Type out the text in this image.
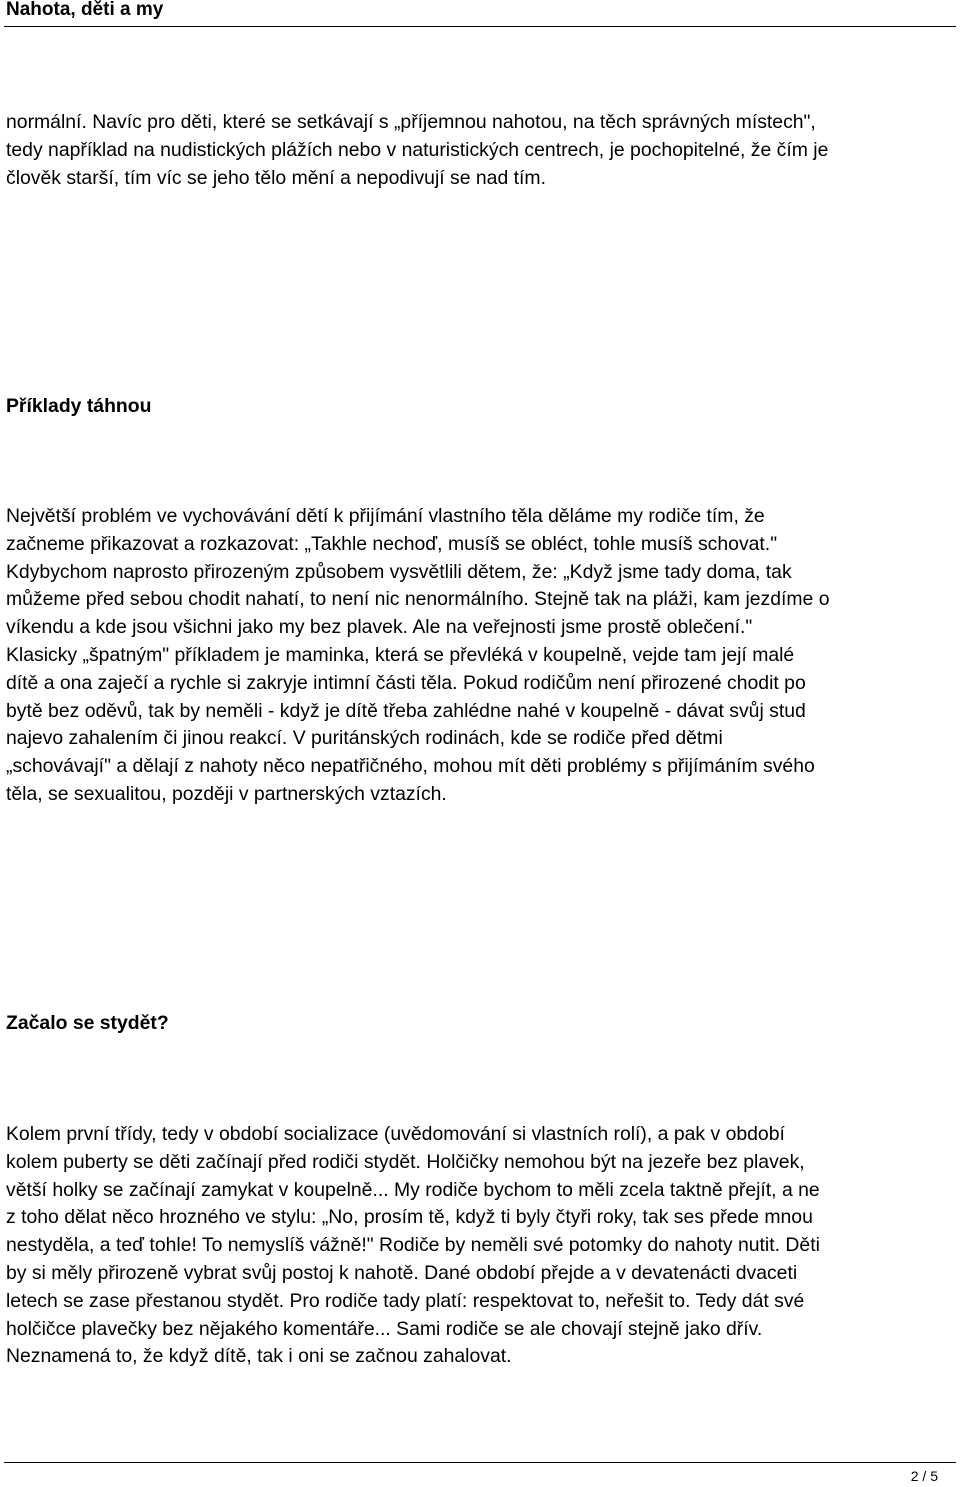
Nahota, děti a my
normální. Navíc pro děti, které se setkávají s „příjemnou nahotou, na těch správných místech",
tedy například na nudistických plážích nebo v naturistických centrech, je pochopitelné, že čím je
člověk starší, tím víc se jeho tělo mění a nepodivují se nad tím.
Příklady táhnou
Největší problém ve vychovávání dětí k přijímání vlastního těla děláme my rodiče tím, že
začneme přikazovat a rozkazovat: „Takhle nechoď, musíš se obléct, tohle musíš schovat."
Kdybychom naprosto přirozeným způsobem vysvětlili dětem, že: „Když jsme tady doma, tak
můžeme před sebou chodit nahatí, to není nic nenormálního. Stejně tak na pláži, kam jezdíme o
víkendu a kde jsou všichni jako my bez plavek. Ale na veřejnosti jsme prostě oblečení."
Klasicky „špatným" příkladem je maminka, která se převléká v koupelně, vejde tam její malé
dítě a ona zaječí a rychle si zakryje intimní části těla. Pokud rodičům není přirozené chodit po
bytě bez oděvů, tak by neměli - když je dítě třeba zahlédne nahé v koupelně - dávat svůj stud
najevo zahalením či jinou reakcí. V puritánských rodinách, kde se rodiče před dětmi
„schovávají" a dělají z nahoty něco nepatřičného, mohou mít děti problémy s přijímáním svého
těla, se sexualitou, později v partnerských vztazích.
Začalo se stydět?
Kolem první třídy, tedy v období socializace (uvědomování si vlastních rolí), a pak v období
kolem puberty se děti začínají před rodiči stydět. Holčičky nemohou být na jezeře bez plavek,
větší holky se začínají zamykat v koupelně... My rodiče bychom to měli zcela taktně přejít, a ne
z toho dělat něco hrozného ve stylu: „No, prosím tě, když ti byly čtyři roky, tak ses přede mnou
nestyděla, a teď tohle! To nemyslíš vážně!" Rodiče by neměli své potomky do nahoty nutit. Děti
by si měly přirozeně vybrat svůj postoj k nahotě. Dané období přejde a v devatenácti dvaceti
letech se zase přestanou stydět. Pro rodiče tady platí: respektovat to, neřešit to. Tedy dát své
holčičce plavečky bez nějakého komentáře... Sami rodiče se ale chovají stejně jako dřív.
Neznamená to, že když dítě, tak i oni se začnou zahalovat.
2 / 5
